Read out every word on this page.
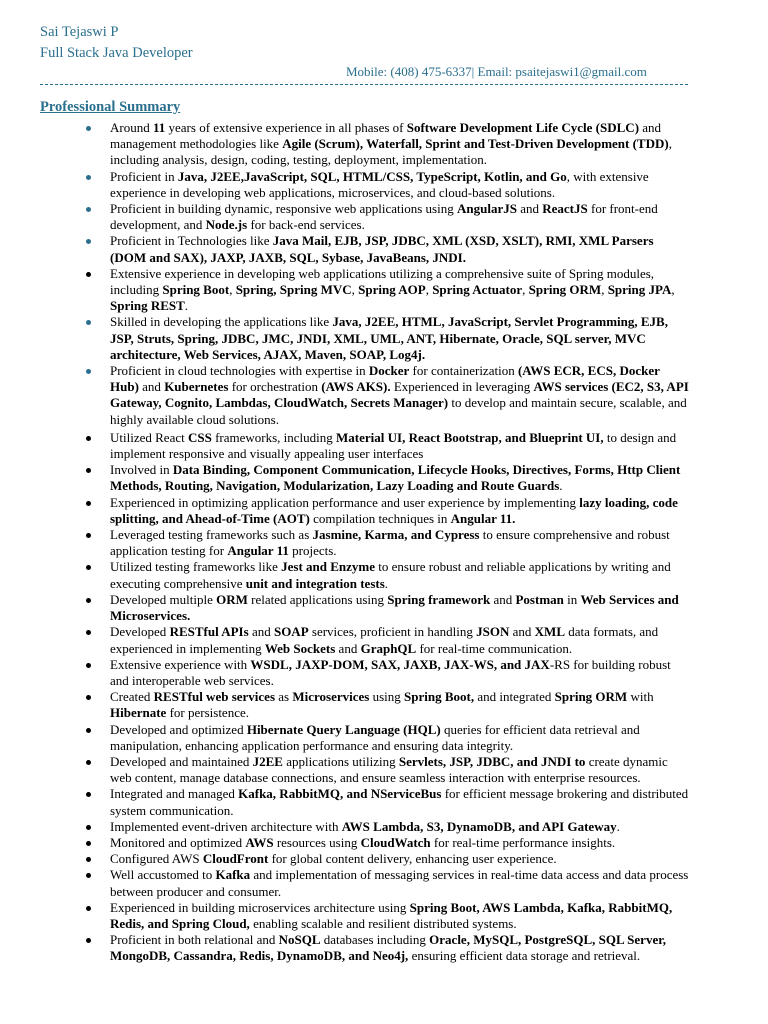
Sai Tejaswi P
Full Stack Java Developer
Mobile: (408) 475-6337| Email: psaitejaswi1@gmail.com
Professional Summary
Around 11 years of extensive experience in all phases of Software Development Life Cycle (SDLC) and management methodologies like Agile (Scrum), Waterfall, Sprint and Test-Driven Development (TDD), including analysis, design, coding, testing, deployment, implementation.
Proficient in Java, J2EE,JavaScript, SQL, HTML/CSS, TypeScript, Kotlin, and Go, with extensive experience in developing web applications, microservices, and cloud-based solutions.
Proficient in building dynamic, responsive web applications using AngularJS and ReactJS for front-end development, and Node.js for back-end services.
Proficient in Technologies like Java Mail, EJB, JSP, JDBC, XML (XSD, XSLT), RMI, XML Parsers (DOM and SAX), JAXP, JAXB, SQL, Sybase, JavaBeans, JNDI.
Extensive experience in developing web applications utilizing a comprehensive suite of Spring modules, including Spring Boot, Spring, Spring MVC, Spring AOP, Spring Actuator, Spring ORM, Spring JPA, Spring REST.
Skilled in developing the applications like Java, J2EE, HTML, JavaScript, Servlet Programming, EJB, JSP, Struts, Spring, JDBC, JMC, JNDI, XML, UML, ANT, Hibernate, Oracle, SQL server, MVC architecture, Web Services, AJAX, Maven, SOAP, Log4j.
Proficient in cloud technologies with expertise in Docker for containerization (AWS ECR, ECS, Docker Hub) and Kubernetes for orchestration (AWS AKS). Experienced in leveraging AWS services (EC2, S3, API Gateway, Cognito, Lambdas, CloudWatch, Secrets Manager) to develop and maintain secure, scalable, and highly available cloud solutions.
Utilized React CSS frameworks, including Material UI, React Bootstrap, and Blueprint UI, to design and implement responsive and visually appealing user interfaces
Involved in Data Binding, Component Communication, Lifecycle Hooks, Directives, Forms, Http Client Methods, Routing, Navigation, Modularization, Lazy Loading and Route Guards.
Experienced in optimizing application performance and user experience by implementing lazy loading, code splitting, and Ahead-of-Time (AOT) compilation techniques in Angular 11.
Leveraged testing frameworks such as Jasmine, Karma, and Cypress to ensure comprehensive and robust application testing for Angular 11 projects.
Utilized testing frameworks like Jest and Enzyme to ensure robust and reliable applications by writing and executing comprehensive unit and integration tests.
Developed multiple ORM related applications using Spring framework and Postman in Web Services and Microservices.
Developed RESTful APIs and SOAP services, proficient in handling JSON and XML data formats, and experienced in implementing Web Sockets and GraphQL for real-time communication.
Extensive experience with WSDL, JAXP-DOM, SAX, JAXB, JAX-WS, and JAX-RS for building robust and interoperable web services.
Created RESTful web services as Microservices using Spring Boot, and integrated Spring ORM with Hibernate for persistence.
Developed and optimized Hibernate Query Language (HQL) queries for efficient data retrieval and manipulation, enhancing application performance and ensuring data integrity.
Developed and maintained J2EE applications utilizing Servlets, JSP, JDBC, and JNDI to create dynamic web content, manage database connections, and ensure seamless interaction with enterprise resources.
Integrated and managed Kafka, RabbitMQ, and NServiceBus for efficient message brokering and distributed system communication.
Implemented event-driven architecture with AWS Lambda, S3, DynamoDB, and API Gateway.
Monitored and optimized AWS resources using CloudWatch for real-time performance insights.
Configured AWS CloudFront for global content delivery, enhancing user experience.
Well accustomed to Kafka and implementation of messaging services in real-time data access and data process between producer and consumer.
Experienced in building microservices architecture using Spring Boot, AWS Lambda, Kafka, RabbitMQ, Redis, and Spring Cloud, enabling scalable and resilient distributed systems.
Proficient in both relational and NoSQL databases including Oracle, MySQL, PostgreSQL, SQL Server, MongoDB, Cassandra, Redis, DynamoDB, and Neo4j, ensuring efficient data storage and retrieval.
